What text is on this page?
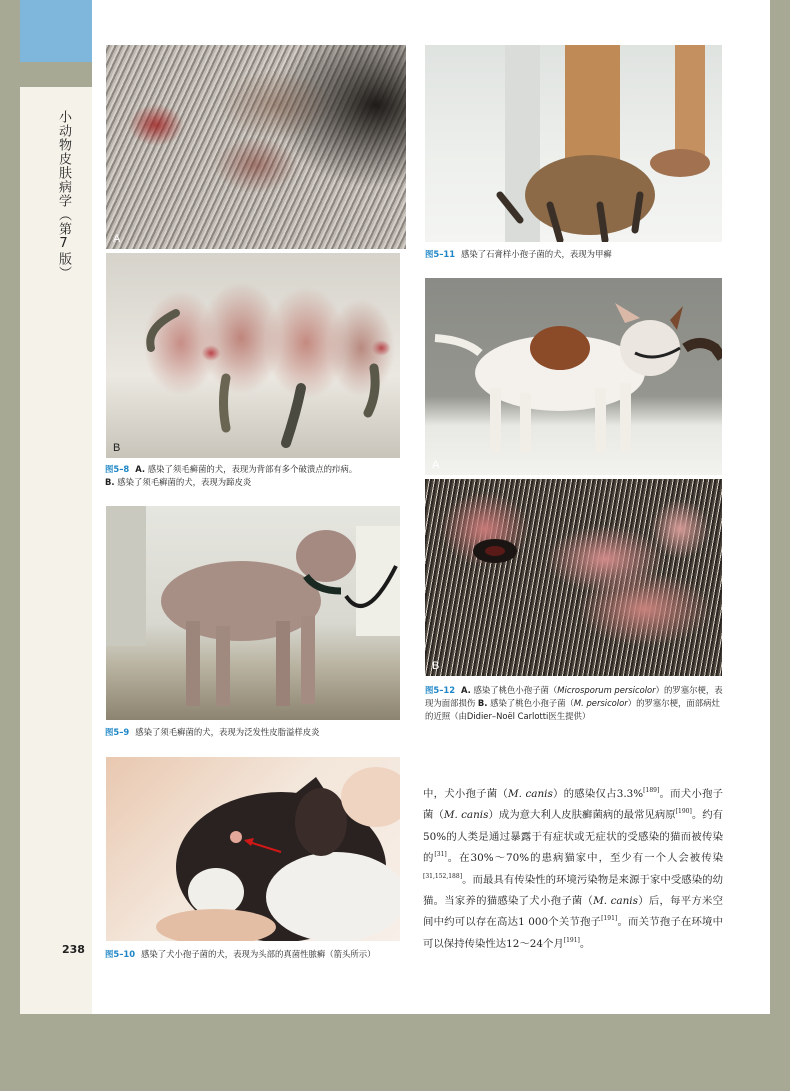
小动物皮肤病学（第7版）
238
A
B
图5–8 A. 感染了须毛癣菌的犬，表现为背部有多个破溃点的疖病。
B. 感染了须毛癣菌的犬，表现为蹄皮炎
图5–9 感染了须毛癣菌的犬，表现为泛发性皮脂溢样皮炎
图5–10 感染了犬小孢子菌的犬，表现为头部的真菌性脓癣（箭头所示）
图5–11 感染了石膏样小孢子菌的犬，表现为甲癣
A
B
图5–12 A. 感染了桃色小孢子菌（Microsporum persicolor）的罗塞尔梗，表现为面部损伤 B. 感染了桃色小孢子菌（M. persicolor）的罗塞尔梗，面部病灶的近照（由Didier–Noël Carlotti医生提供）

中，犬小孢子菌（M. canis）的感染仅占3.3%[189]。而犬小孢子菌（M. canis）成为意大利人皮肤癣菌病的最常见病原[190]。约有50%的人类是通过暴露于有症状或无症状的受感染的猫而被传染的[31]。在30%～70%的患病猫家中，至少有一个人会被传染[31,152,188]。而最具有传染性的环境污染物是来源于家中受感染的幼猫。当家养的猫感染了犬小孢子菌（M. canis）后，每平方米空间中约可以存在高达1 000个关节孢子[191]。而关节孢子在环境中可以保持传染性达12～24个月[191]。
